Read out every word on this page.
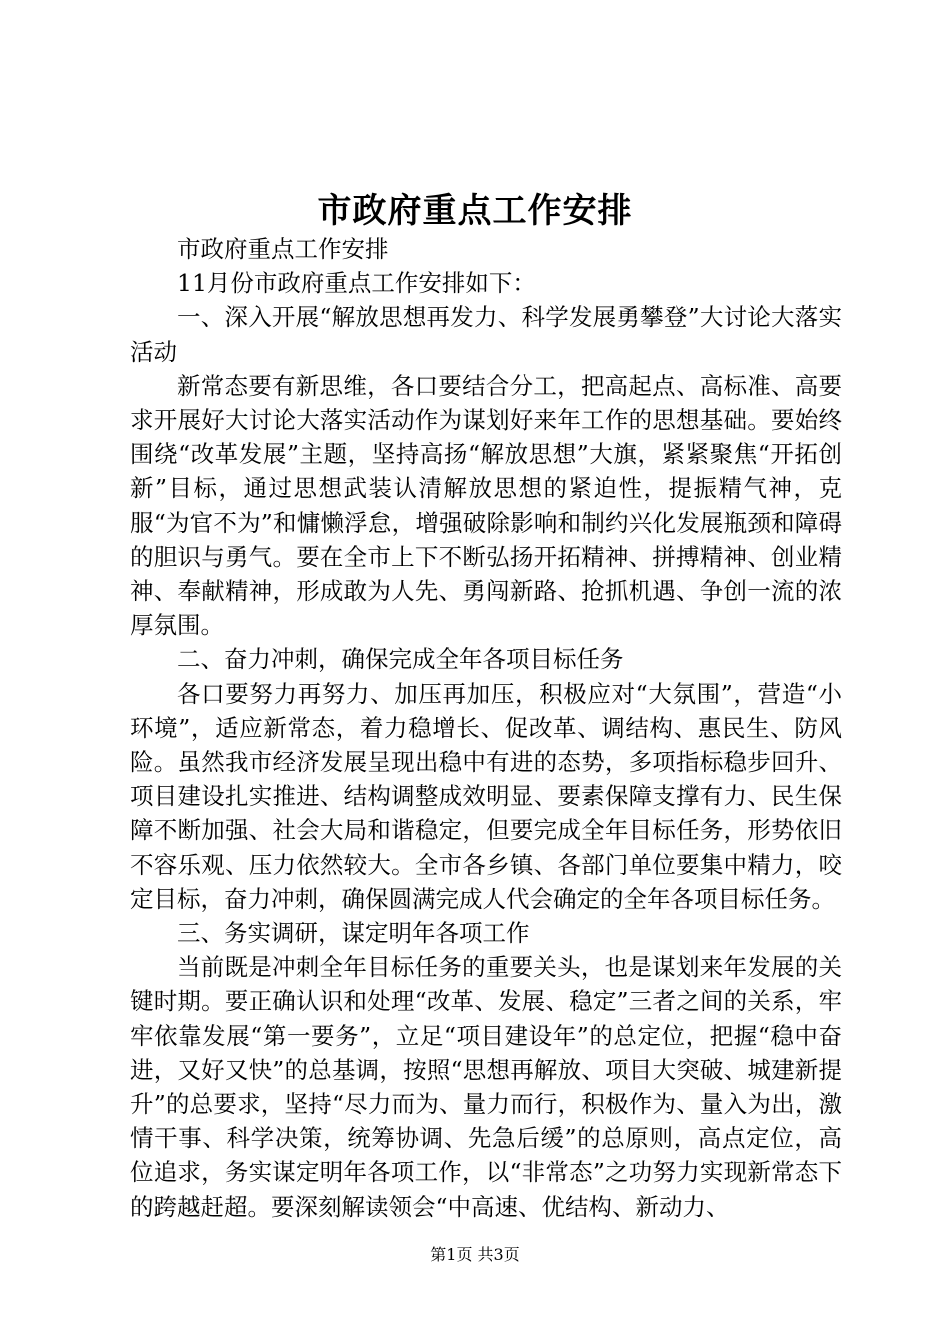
市政府重点工作安排

市政府重点工作安排

11月份市政府重点工作安排如下：

一、深入开展“解放思想再发力、科学发展勇攀登”大讨论大落实活动

新常态要有新思维，各口要结合分工，把高起点、高标准、高要求开展好大讨论大落实活动作为谋划好来年工作的思想基础。要始终围绕“改革发展”主题，坚持高扬“解放思想”大旗，紧紧聚焦“开拓创新”目标，通过思想武装认清解放思想的紧迫性，提振精气神，克服“为官不为”和慵懒浮怠，增强破除影响和制约兴化发展瓶颈和障碍的胆识与勇气。要在全市上下不断弘扬开拓精神、拼搏精神、创业精神、奉献精神，形成敢为人先、勇闯新路、抢抓机遇、争创一流的浓厚氛围。

二、奋力冲刺，确保完成全年各项目标任务

各口要努力再努力、加压再加压，积极应对“大氛围”，营造“小环境”，适应新常态，着力稳增长、促改革、调结构、惠民生、防风险。虽然我市经济发展呈现出稳中有进的态势，多项指标稳步回升、项目建设扎实推进、结构调整成效明显、要素保障支撑有力、民生保障不断加强、社会大局和谐稳定，但要完成全年目标任务，形势依旧不容乐观、压力依然较大。全市各乡镇、各部门单位要集中精力，咬定目标，奋力冲刺，确保圆满完成人代会确定的全年各项目标任务。

三、务实调研，谋定明年各项工作

当前既是冲刺全年目标任务的重要关头，也是谋划来年发展的关键时期。要正确认识和处理“改革、发展、稳定”三者之间的关系，牢牢依靠发展“第一要务”，立足“项目建设年”的总定位，把握“稳中奋进，又好又快”的总基调，按照“思想再解放、项目大突破、城建新提升”的总要求，坚持“尽力而为、量力而行，积极作为、量入为出，激情干事、科学决策，统筹协调、先急后缓”的总原则，高点定位，高位追求，务实谋定明年各项工作，以“非常态”之功努力实现新常态下的跨越赶超。要深刻解读领会“中高速、优结构、新动力、

第1页 共3页
